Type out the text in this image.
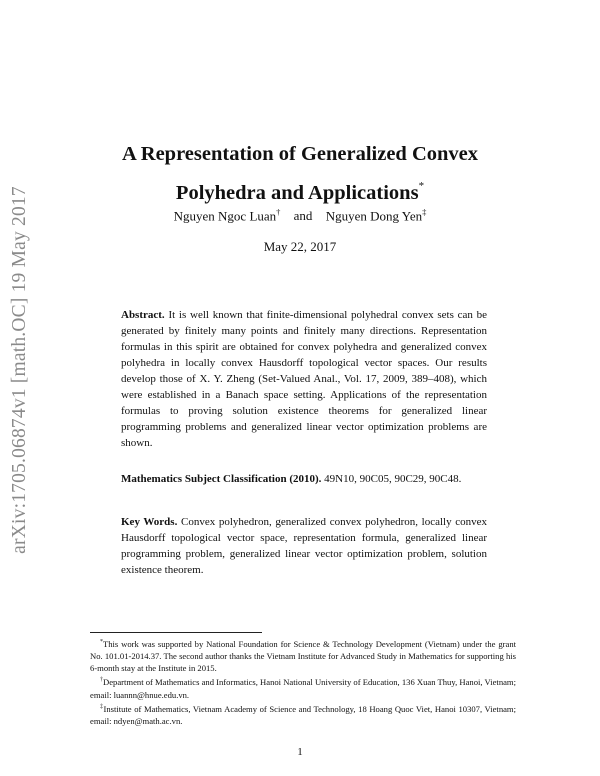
arXiv:1705.06874v1 [math.OC] 19 May 2017
A Representation of Generalized Convex
Polyhedra and Applications*
Nguyen Ngoc Luan† and Nguyen Dong Yen‡
May 22, 2017
Abstract. It is well known that finite-dimensional polyhedral convex sets can be generated by finitely many points and finitely many directions. Representation formulas in this spirit are obtained for convex polyhedra and generalized convex polyhedra in locally convex Hausdorff topological vector spaces. Our results develop those of X. Y. Zheng (Set-Valued Anal., Vol. 17, 2009, 389–408), which were established in a Banach space setting. Applications of the representation formulas to proving solution existence theorems for generalized linear programming problems and generalized linear vector optimization problems are shown.
Mathematics Subject Classification (2010). 49N10, 90C05, 90C29, 90C48.
Key Words. Convex polyhedron, generalized convex polyhedron, locally convex Hausdorff topological vector space, representation formula, generalized linear programming problem, generalized linear vector optimization problem, solution existence theorem.

*This work was supported by National Foundation for Science & Technology Development (Vietnam) under the grant No. 101.01-2014.37. The second author thanks the Vietnam Institute for Advanced Study in Mathematics for supporting his 6-month stay at the Institute in 2015.

†Department of Mathematics and Informatics, Hanoi National University of Education, 136 Xuan Thuy, Hanoi, Vietnam; email: luannn@hnue.edu.vn.

‡Institute of Mathematics, Vietnam Academy of Science and Technology, 18 Hoang Quoc Viet, Hanoi 10307, Vietnam; email: ndyen@math.ac.vn.

1
